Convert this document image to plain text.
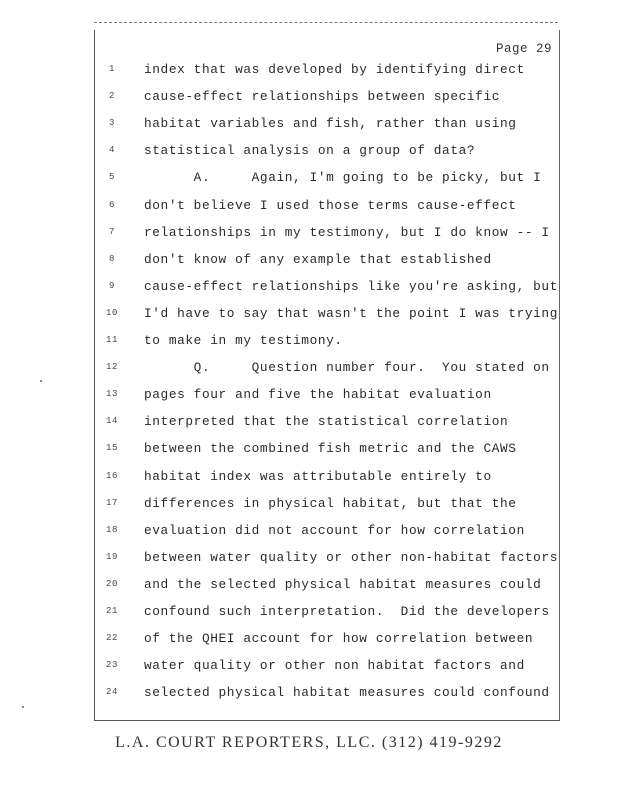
Page 29
1	index that was developed by identifying direct
2	cause-effect relationships between specific
3	habitat variables and fish, rather than using
4	statistical analysis on a group of data?
5	A.     Again, I'm going to be picky, but I
6	don't believe I used those terms cause-effect
7	relationships in my testimony, but I do know -- I
8	don't know of any example that established
9	cause-effect relationships like you're asking, but
10	I'd have to say that wasn't the point I was trying
11	to make in my testimony.
12	Q.     Question number four.  You stated on
13	pages four and five the habitat evaluation
14	interpreted that the statistical correlation
15	between the combined fish metric and the CAWS
16	habitat index was attributable entirely to
17	differences in physical habitat, but that the
18	evaluation did not account for how correlation
19	between water quality or other non-habitat factors
20	and the selected physical habitat measures could
21	confound such interpretation.  Did the developers
22	of the QHEI account for how correlation between
23	water quality or other non habitat factors and
24	selected physical habitat measures could confound
L.A. COURT REPORTERS, LLC. (312) 419-9292
